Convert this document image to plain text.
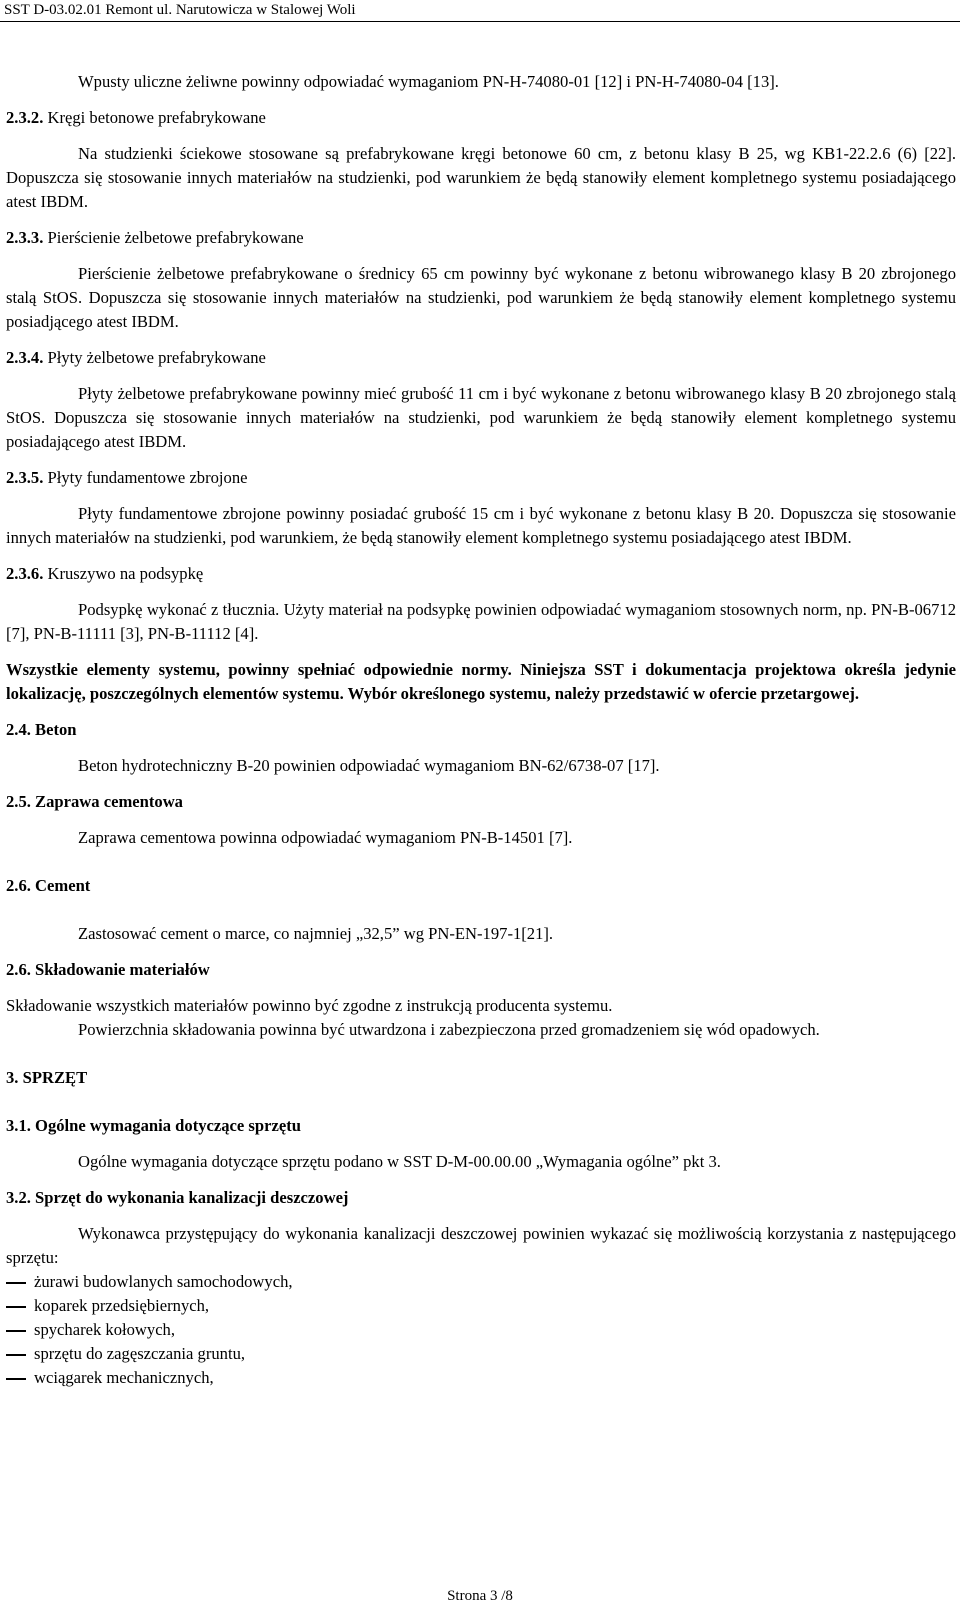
SST D-03.02.01 Remont ul. Narutowicza w Stalowej Woli

Wpusty uliczne żeliwne powinny odpowiadać wymaganiom PN-H-74080-01 [12] i PN-H-74080-04 [13].

2.3.2. Kręgi betonowe prefabrykowane

Na studzienki ściekowe stosowane są prefabrykowane kręgi betonowe 60 cm, z betonu klasy B 25, wg KB1-22.2.6 (6) [22]. Dopuszcza się stosowanie innych materiałów na studzienki, pod warunkiem że będą stanowiły element kompletnego systemu posiadającego atest IBDM.

2.3.3. Pierścienie żelbetowe prefabrykowane

Pierścienie żelbetowe prefabrykowane o średnicy 65 cm powinny być wykonane z betonu wibrowanego klasy B 20 zbrojonego stalą StOS. Dopuszcza się stosowanie innych materiałów na studzienki, pod warunkiem że będą stanowiły element kompletnego systemu posiadjącego atest IBDM.

2.3.4. Płyty żelbetowe prefabrykowane

Płyty żelbetowe prefabrykowane powinny mieć grubość 11 cm i być wykonane z betonu wibrowanego klasy B 20 zbrojonego stalą StOS. Dopuszcza się stosowanie innych materiałów na studzienki, pod warunkiem że będą stanowiły element kompletnego systemu posiadającego atest IBDM.

2.3.5. Płyty fundamentowe zbrojone

Płyty fundamentowe zbrojone powinny posiadać grubość 15 cm i być wykonane z betonu klasy B 20. Dopuszcza się stosowanie innych materiałów na studzienki, pod warunkiem, że będą stanowiły element kompletnego systemu posiadającego atest IBDM.

2.3.6. Kruszywo na podsypkę

Podsypkę wykonać z tłucznia. Użyty materiał na podsypkę powinien odpowiadać wymaganiom stosownych norm, np. PN-B-06712 [7], PN-B-11111 [3], PN-B-11112 [4].

Wszystkie elementy systemu, powinny spełniać odpowiednie normy. Niniejsza SST i dokumentacja projektowa określa jedynie lokalizację, poszczególnych elementów systemu. Wybór określonego systemu, należy przedstawić w ofercie przetargowej.

2.4. Beton

Beton hydrotechniczny B-20 powinien odpowiadać wymaganiom BN-62/6738-07 [17].

2.5. Zaprawa cementowa

Zaprawa cementowa powinna odpowiadać wymaganiom PN-B-14501 [7].

2.6. Cement

Zastosować cement o marce, co najmniej „32,5” wg PN-EN-197-1[21].

2.6. Składowanie materiałów

Składowanie wszystkich materiałów powinno być zgodne z instrukcją producenta systemu.

Powierzchnia składowania powinna być utwardzona i zabezpieczona przed gromadzeniem się wód opadowych.

3. SPRZĘT

3.1. Ogólne wymagania dotyczące sprzętu

Ogólne wymagania dotyczące sprzętu podano w SST D-M-00.00.00 „Wymagania ogólne” pkt 3.

3.2. Sprzęt do wykonania kanalizacji deszczowej

Wykonawca przystępujący do wykonania kanalizacji deszczowej powinien wykazać się możliwością korzystania z następującego sprzętu:

żurawi budowlanych samochodowych,
koparek przedsiębiernych,
spycharek kołowych,
sprzętu do zagęszczania gruntu,
wciągarek mechanicznych,
Strona 3 /8
